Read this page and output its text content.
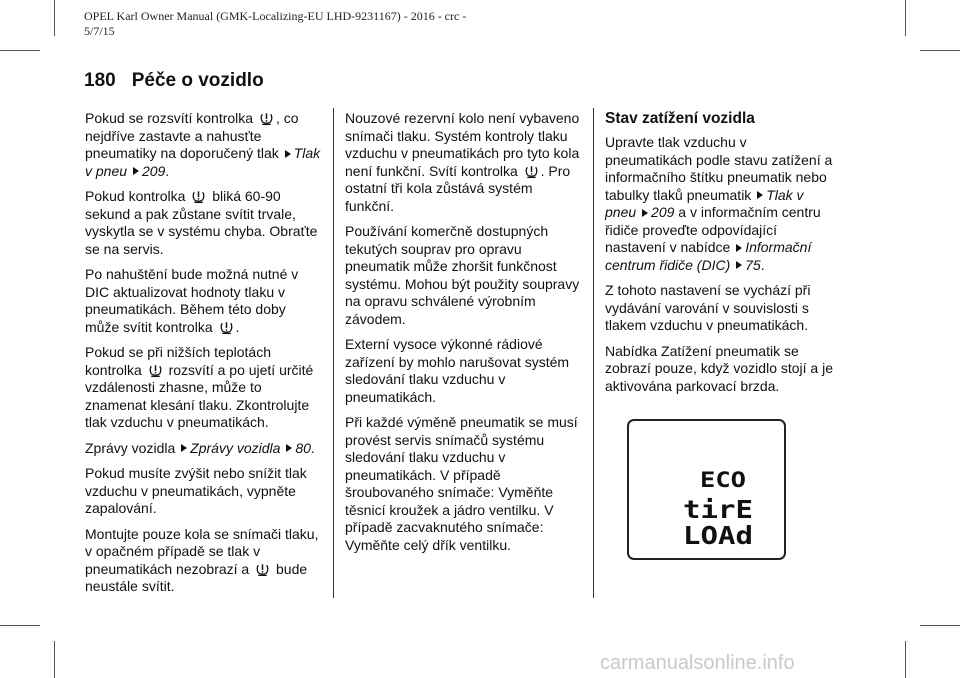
OPEL Karl Owner Manual (GMK-Localizing-EU LHD-9231167) - 2016 - crc -
5/7/15
180 Péče o vozidlo

Pokud se rozsvítí kontrolka , co nejdříve zastavte a nahusťte pneumatiky na doporučený tlak Tlak v pneu 209.

Pokud kontrolka bliká 60-90 sekund a pak zůstane svítit trvale, vyskytla se v systému chyba. Obraťte se na servis.

Po nahuštění bude možná nutné v DIC aktualizovat hodnoty tlaku v pneumatikách. Během této doby může svítit kontrolka .

Pokud se při nižších teplotách kontrolka rozsvítí a po ujetí určité vzdálenosti zhasne, může to znamenat klesání tlaku. Zkontrolujte tlak vzduchu v pneumatikách.

Zprávy vozidla Zprávy vozidla 80.

Pokud musíte zvýšit nebo snížit tlak vzduchu v pneumatikách, vypněte zapalování.

Montujte pouze kola se snímači tlaku, v opačném případě se tlak v pneumatikách nezobrazí a bude neustále svítit.

Nouzové rezervní kolo není vybaveno snímači tlaku. Systém kontroly tlaku vzduchu v pneumatikách pro tyto kola není funkční. Svítí kontrolka . Pro ostatní tři kola zůstává systém funkční.

Používání komerčně dostupných tekutých souprav pro opravu pneumatik může zhoršit funkčnost systému. Mohou být použity soupravy na opravu schválené výrobním závodem.

Externí vysoce výkonné rádiové zařízení by mohlo narušovat systém sledování tlaku vzduchu v pneumatikách.

Při každé výměně pneumatik se musí provést servis snímačů systému sledování tlaku vzduchu v pneumatikách. V případě šroubovaného snímače: Vyměňte těsnicí kroužek a jádro ventilku. V případě zacvaknutého snímače: Vyměňte celý dřík ventilku.

Stav zatížení vozidla

Upravte tlak vzduchu v pneumatikách podle stavu zatížení a informačního štítku pneumatik nebo tabulky tlaků pneumatik Tlak v pneu 209 a v informačním centru řidiče proveďte odpovídající nastavení v nabídce Informační centrum řidiče (DIC) 75.

Z tohoto nastavení se vychází při vydávání varování v souvislosti s tlakem vzduchu v pneumatikách.

Nabídka Zatížení pneumatik se zobrazí pouze, když vozidlo stojí a je aktivována parkovací brzda.

ECO
tirE
LOAd
carmanualsonline.info
